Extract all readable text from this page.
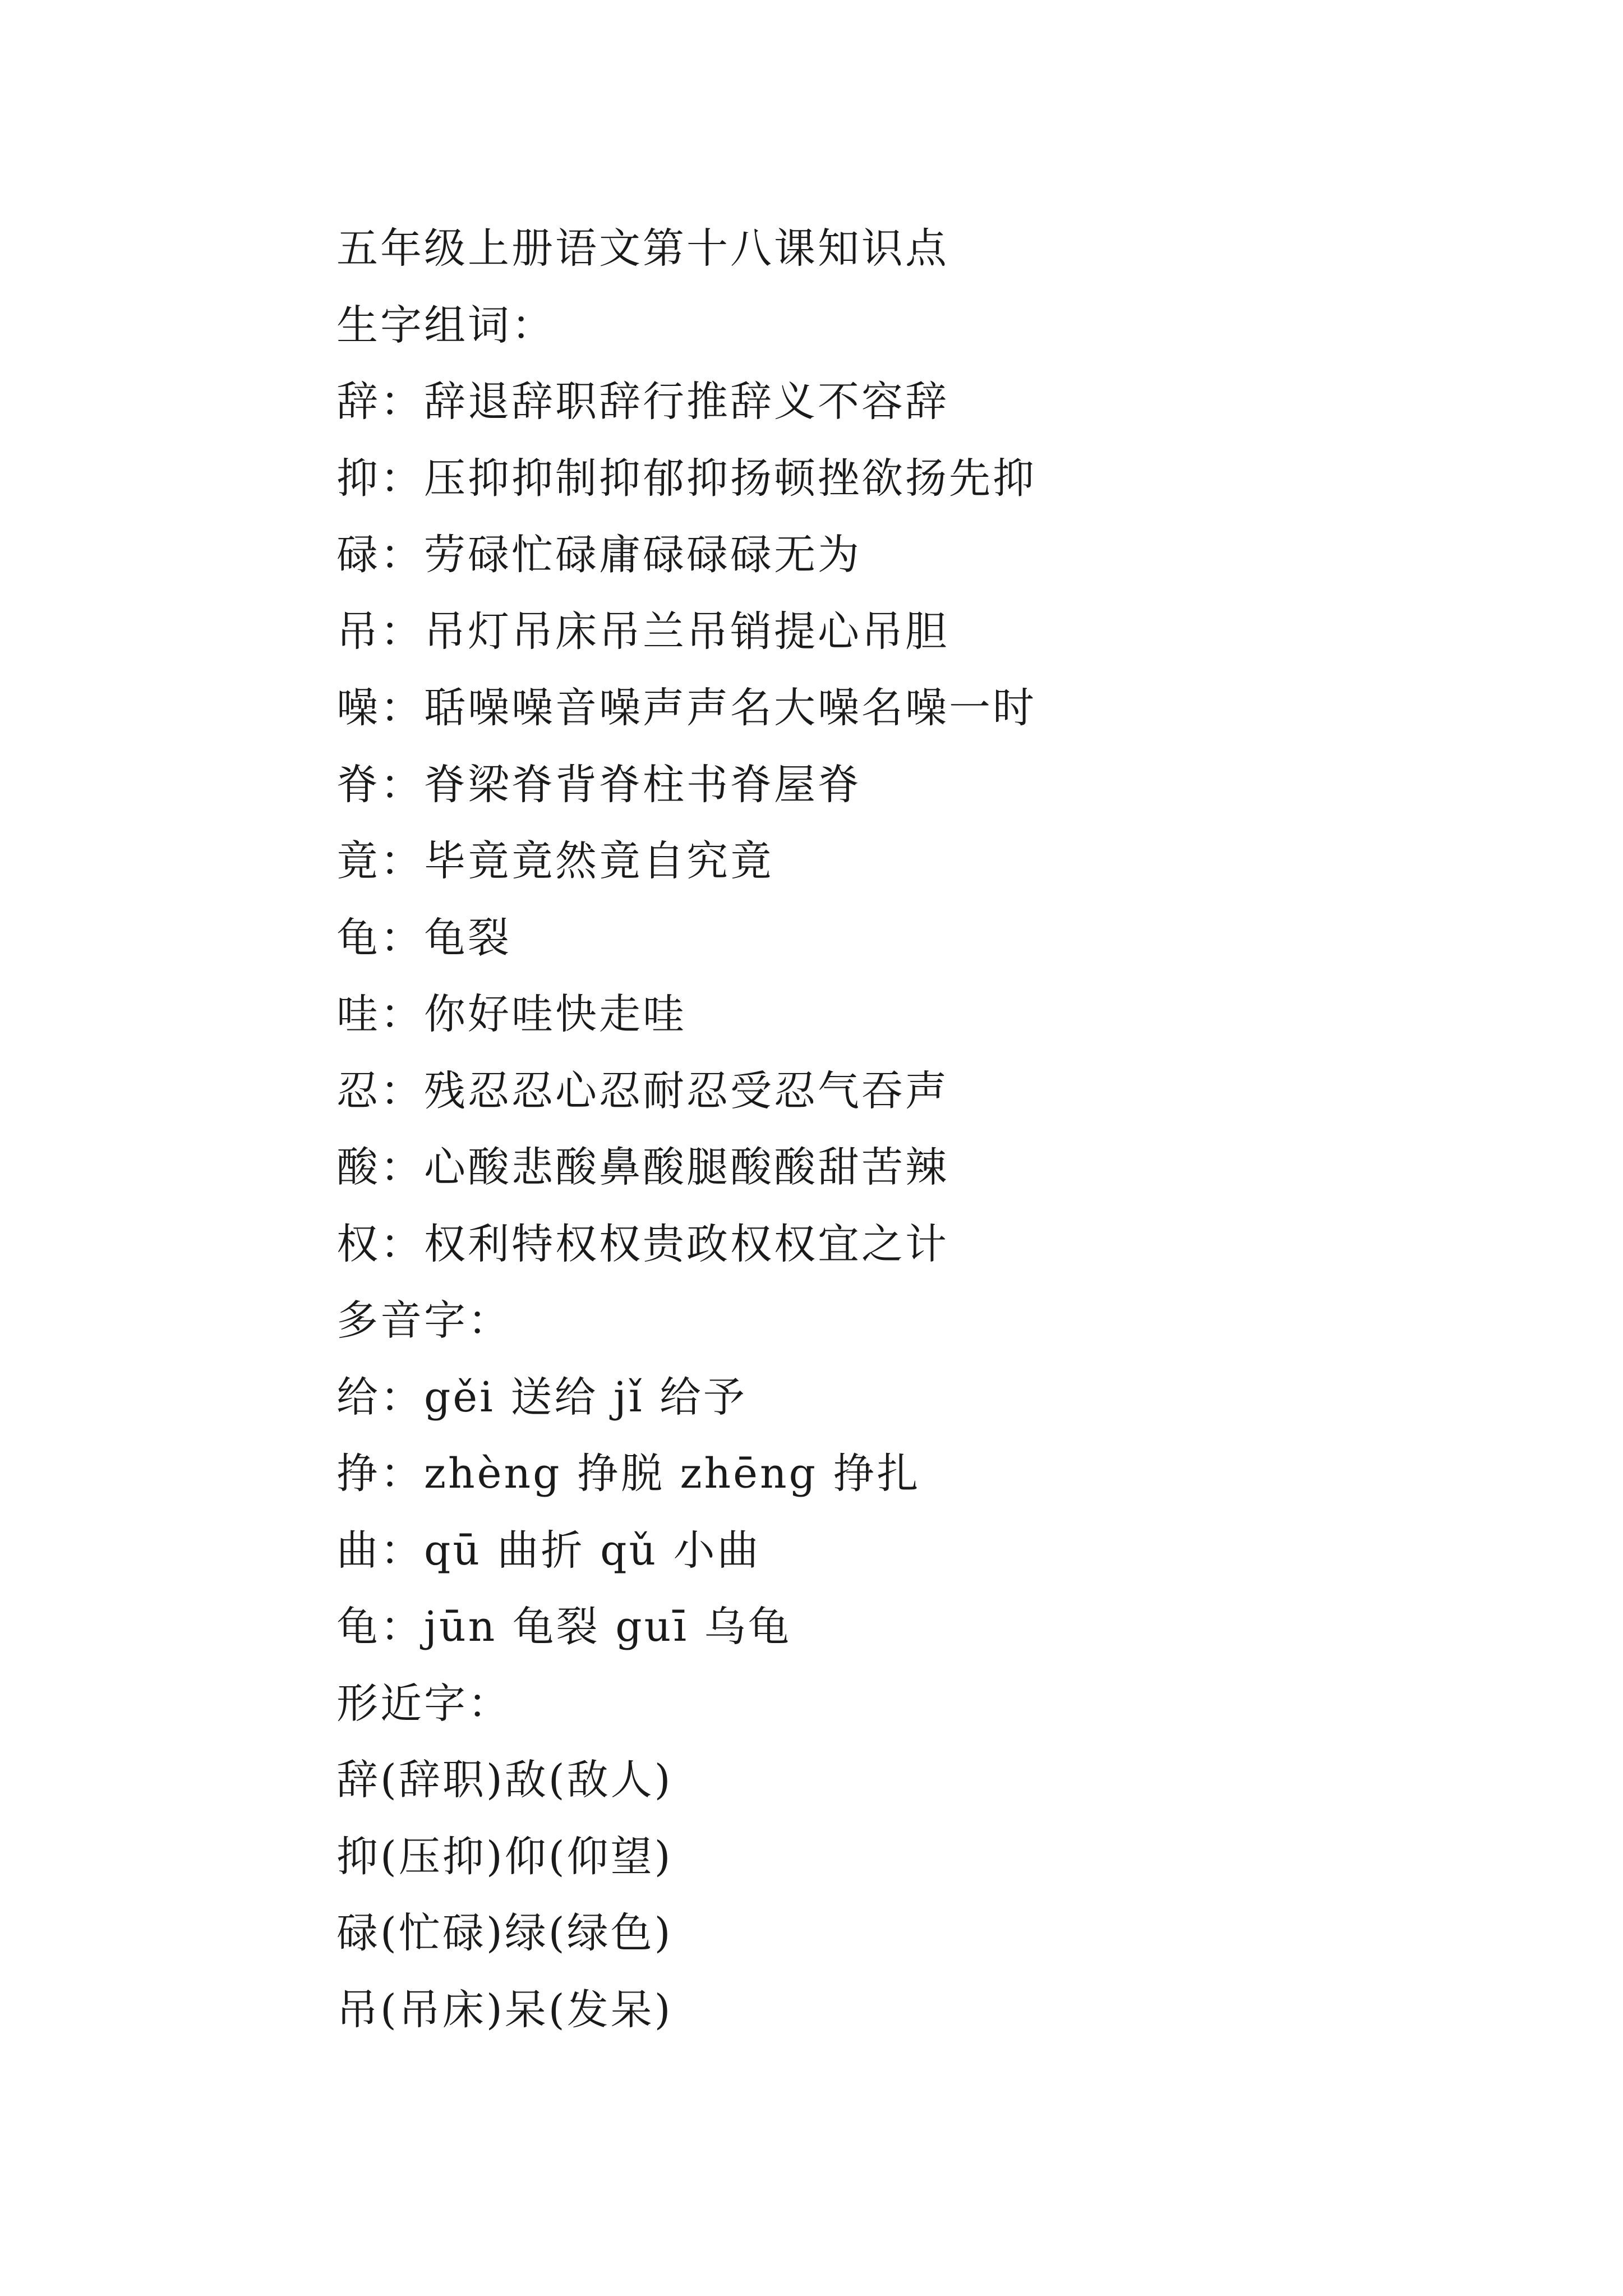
五年级上册语文第十八课知识点
生字组词：
辞：辞退辞职辞行推辞义不容辞
抑：压抑抑制抑郁抑扬顿挫欲扬先抑
碌：劳碌忙碌庸碌碌碌无为
吊：吊灯吊床吊兰吊销提心吊胆
噪：聒噪噪音噪声声名大噪名噪一时
脊：脊梁脊背脊柱书脊屋脊
竟：毕竟竟然竟自究竟
龟：龟裂
哇：你好哇快走哇
忍：残忍忍心忍耐忍受忍气吞声
酸：心酸悲酸鼻酸腿酸酸甜苦辣
权：权利特权权贵政权权宜之计
多音字：
给：gěi 送给 jǐ 给予
挣：zhèng 挣脱 zhēng 挣扎
曲：qū 曲折 qǔ 小曲
龟：jūn 龟裂 guī 乌龟
形近字：
辞(辞职)敌(敌人)
抑(压抑)仰(仰望)
碌(忙碌)绿(绿色)
吊(吊床)呆(发呆)
